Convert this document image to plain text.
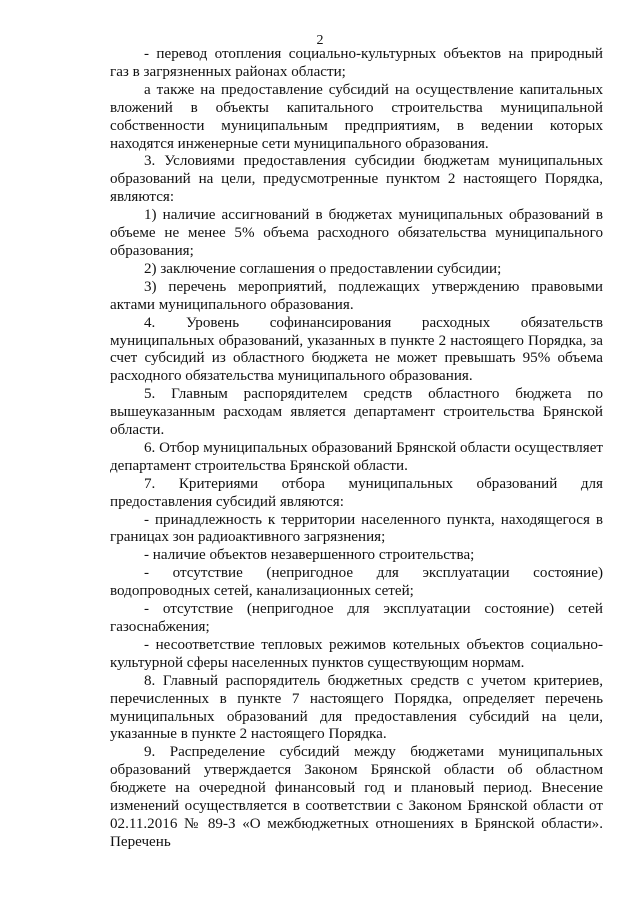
2

- перевод отопления социально-культурных объектов на природный газ в загрязненных районах области;

а также на предоставление субсидий на осуществление капитальных вложений в объекты капитального строительства муниципальной собственности муниципальным предприятиям, в ведении которых находятся инженерные сети муниципального образования.

3. Условиями предоставления субсидии бюджетам муниципальных образований на цели, предусмотренные пунктом 2 настоящего Порядка, являются:

1) наличие ассигнований в бюджетах муниципальных образований в объеме не менее 5% объема расходного обязательства муниципального образования;

2) заключение соглашения о предоставлении субсидии;

3) перечень мероприятий, подлежащих утверждению правовыми актами муниципального образования.

4. Уровень софинансирования расходных обязательств муниципальных образований, указанных в пункте 2 настоящего Порядка, за счет субсидий из областного бюджета не может превышать 95% объема расходного обязательства муниципального образования.

5. Главным распорядителем средств областного бюджета по вышеуказанным расходам является департамент строительства Брянской области.

6. Отбор муниципальных образований Брянской области осуществляет департамент строительства Брянской области.

7. Критериями отбора муниципальных образований для предоставления субсидий являются:

- принадлежность к территории населенного пункта, находящегося в границах зон радиоактивного загрязнения;

- наличие объектов незавершенного строительства;

- отсутствие (непригодное для эксплуатации состояние) водопроводных сетей, канализационных сетей;

- отсутствие (непригодное для эксплуатации состояние) сетей газоснабжения;

- несоответствие тепловых режимов котельных объектов социально-культурной сферы населенных пунктов существующим нормам.

8. Главный распорядитель бюджетных средств с учетом критериев, перечисленных в пункте 7 настоящего Порядка, определяет перечень муниципальных образований для предоставления субсидий на цели, указанные в пункте 2 настоящего Порядка.

9. Распределение субсидий между бюджетами муниципальных образований утверждается Законом Брянской области об областном бюджете на очередной финансовый год и плановый период. Внесение изменений осуществляется в соответствии с Законом Брянской области от 02.11.2016 № 89-З «О межбюджетных отношениях в Брянской области». Перечень
